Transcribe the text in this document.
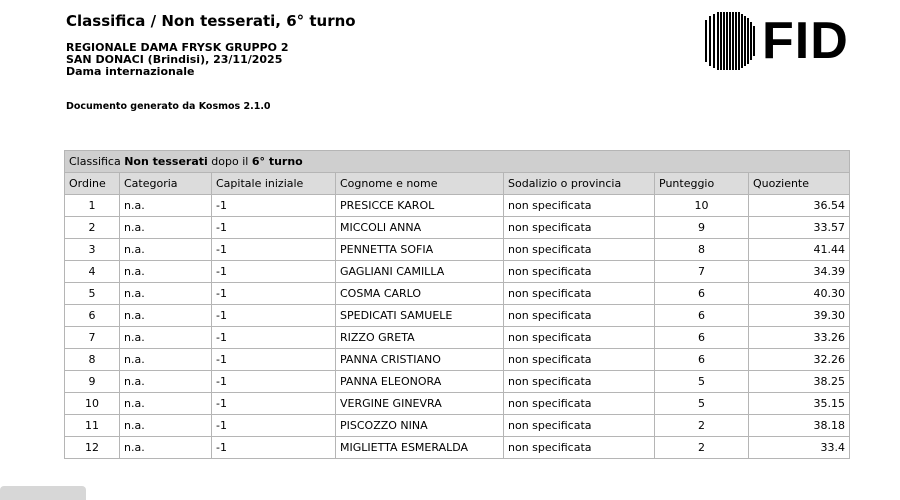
Classifica / Non tesserati, 6° turno
REGIONALE DAMA FRYSK GRUPPO 2
SAN DONACI (Brindisi), 23/11/2025
Dama internazionale
Documento generato da Kosmos 2.1.0
FID
Classifica Non tesserati dopo il 6° turno						
Ordine	Categoria	Capitale iniziale	Cognome e nome	Sodalizio o provincia	Punteggio	Quoziente
1	n.a.	-1	PRESICCE KAROL	non specificata	10	36.54
2	n.a.	-1	MICCOLI ANNA	non specificata	9	33.57
3	n.a.	-1	PENNETTA SOFIA	non specificata	8	41.44
4	n.a.	-1	GAGLIANI CAMILLA	non specificata	7	34.39
5	n.a.	-1	COSMA CARLO	non specificata	6	40.30
6	n.a.	-1	SPEDICATI SAMUELE	non specificata	6	39.30
7	n.a.	-1	RIZZO GRETA	non specificata	6	33.26
8	n.a.	-1	PANNA CRISTIANO	non specificata	6	32.26
9	n.a.	-1	PANNA ELEONORA	non specificata	5	38.25
10	n.a.	-1	VERGINE GINEVRA	non specificata	5	35.15
11	n.a.	-1	PISCOZZO NINA	non specificata	2	38.18
12	n.a.	-1	MIGLIETTA ESMERALDA	non specificata	2	33.4
